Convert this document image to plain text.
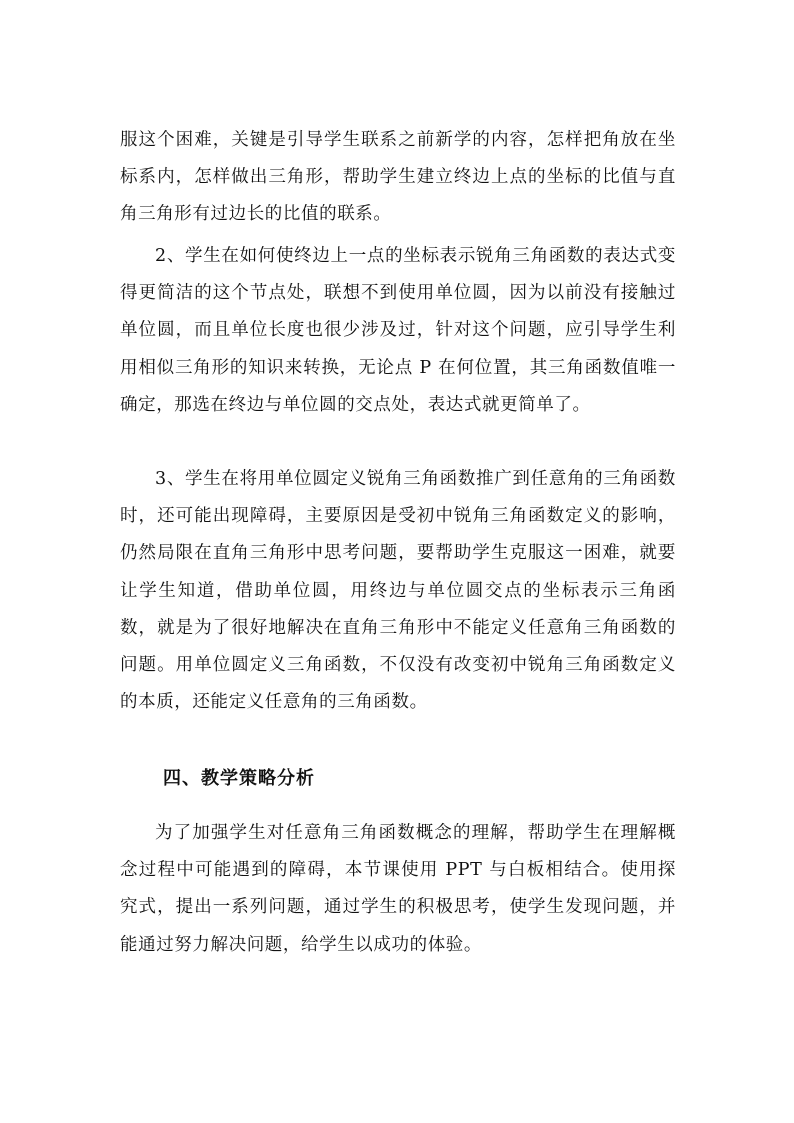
服这个困难，关键是引导学生联系之前新学的内容，怎样把角放在坐标系内，怎样做出三角形，帮助学生建立终边上点的坐标的比值与直角三角形有过边长的比值的联系。

2、学生在如何使终边上一点的坐标表示锐角三角函数的表达式变得更简洁的这个节点处，联想不到使用单位圆，因为以前没有接触过单位圆，而且单位长度也很少涉及过，针对这个问题，应引导学生利用相似三角形的知识来转换，无论点 P 在何位置，其三角函数值唯一确定，那选在终边与单位圆的交点处，表达式就更简单了。

3、学生在将用单位圆定义锐角三角函数推广到任意角的三角函数时，还可能出现障碍，主要原因是受初中锐角三角函数定义的影响，仍然局限在直角三角形中思考问题，要帮助学生克服这一困难，就要让学生知道，借助单位圆，用终边与单位圆交点的坐标表示三角函数，就是为了很好地解决在直角三角形中不能定义任意角三角函数的问题。用单位圆定义三角函数，不仅没有改变初中锐角三角函数定义的本质，还能定义任意角的三角函数。

四、教学策略分析

为了加强学生对任意角三角函数概念的理解，帮助学生在理解概念过程中可能遇到的障碍，本节课使用 PPT 与白板相结合。使用探究式，提出一系列问题，通过学生的积极思考，使学生发现问题，并能通过努力解决问题，给学生以成功的体验。
